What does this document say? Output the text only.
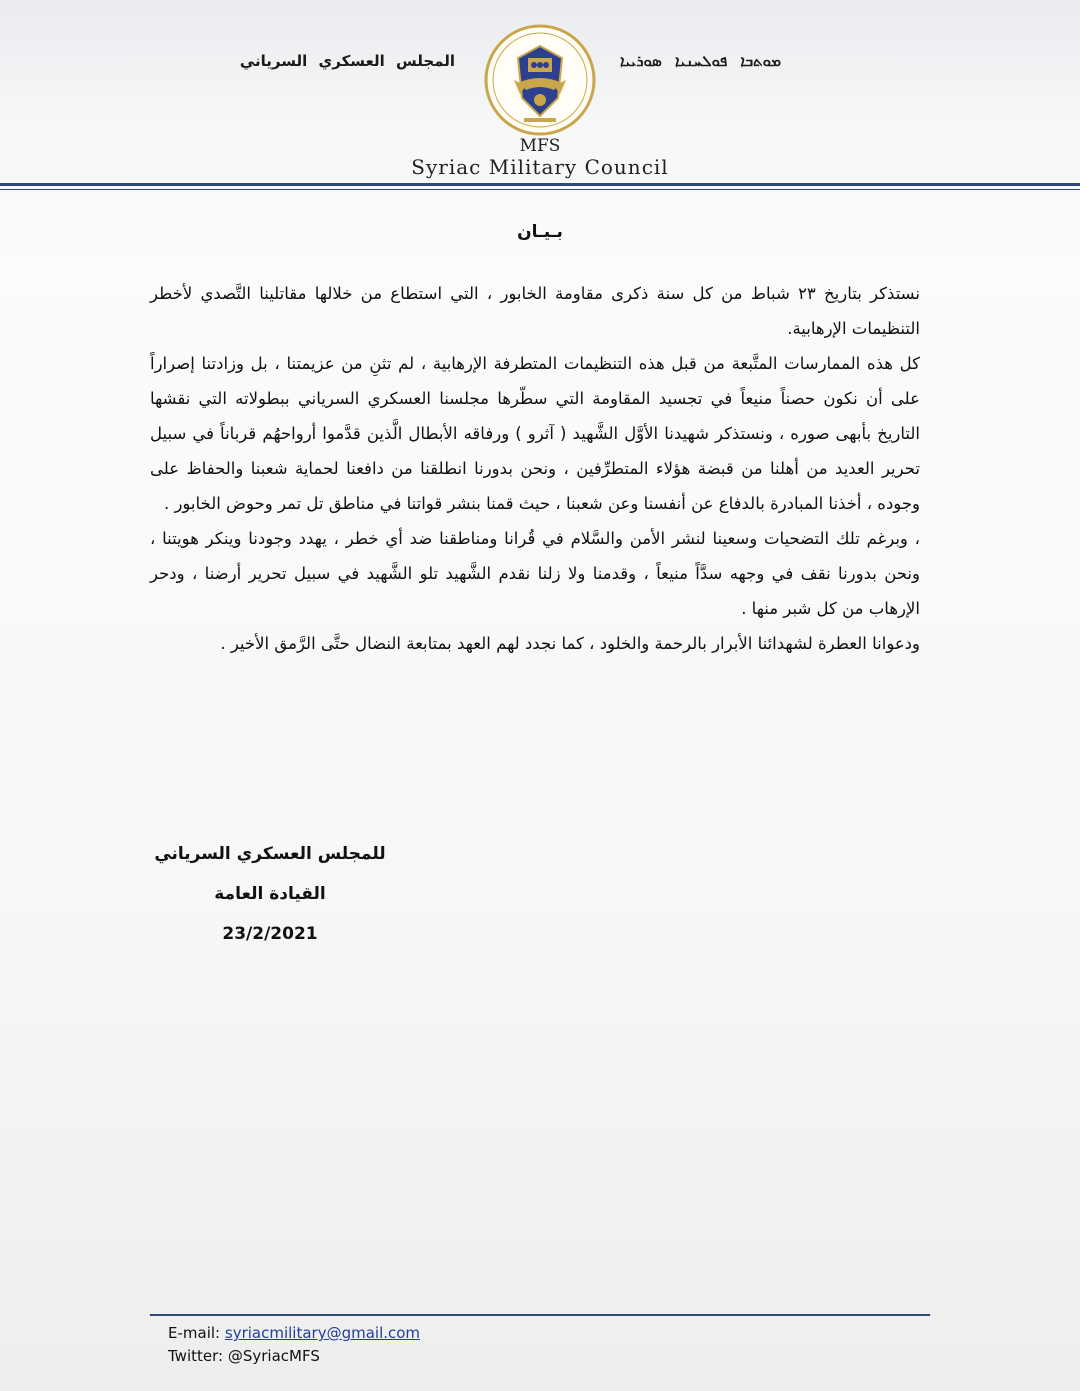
المجلس العسكري السرياني	ܡܘܬܒܐ ܦܘܠܚܢܝܐ ܣܘܪܝܝܐ
MFS
Syriac Military Council
بـيـان

نستذكر بتاريخ ٢٣ شباط من كل سنة ذكرى مقاومة الخابور ، التي استطاع من خلالها مقاتلينا التَّصدي لأخطر التنظيمات الإرهابية.

كل هذه الممارسات المتَّبعة من قبل هذه التنظيمات المتطرفة الإرهابية ، لم تثنِ من عزيمتنا ، بل وزادتنا إصراراً على أن نكون حصناً منيعاً في تجسيد المقاومة التي سطّرها مجلسنا العسكري السرياني ببطولاته التي نقشها التاريخ بأبهى صوره ، ونستذكر شهيدنا الأوَّل الشَّهيد ( آثرو ) ورفاقه الأبطال الَّذين قدَّموا أرواحهُم قرباناً في سبيل تحرير العديد من أهلنا من قبضة هؤلاء المتطرِّفين ، ونحن بدورنا انطلقنا من دافعنا لحماية شعبنا والحفاظ على وجوده ، أخذنا المبادرة بالدفاع عن أنفسنا وعن شعبنا ، حيث قمنا بنشر قواتنا في مناطق تل تمر وحوض الخابور .

، وبرغم تلك التضحيات وسعينا لنشر الأمن والسَّلام في قُرانا ومناطقنا ضد أي خطر ، يهدد وجودنا وينكر هويتنا ، ونحن بدورنا نقف في وجهه سدَّاً منيعاً ، وقدمنا ولا زلنا نقدم الشَّهيد تلو الشَّهيد في سبيل تحرير أرضنا ، ودحر الإرهاب من كل شبر منها .

ودعوانا العطرة لشهدائنا الأبرار بالرحمة والخلود ، كما نجدد لهم العهد بمتابعة النضال حتَّى الرَّمق الأخير .

للمجلس العسكري السرياني
القيادة العامة
23/2/2021
E-mail: syriacmilitary@gmail.com
Twitter: @SyriacMFS
